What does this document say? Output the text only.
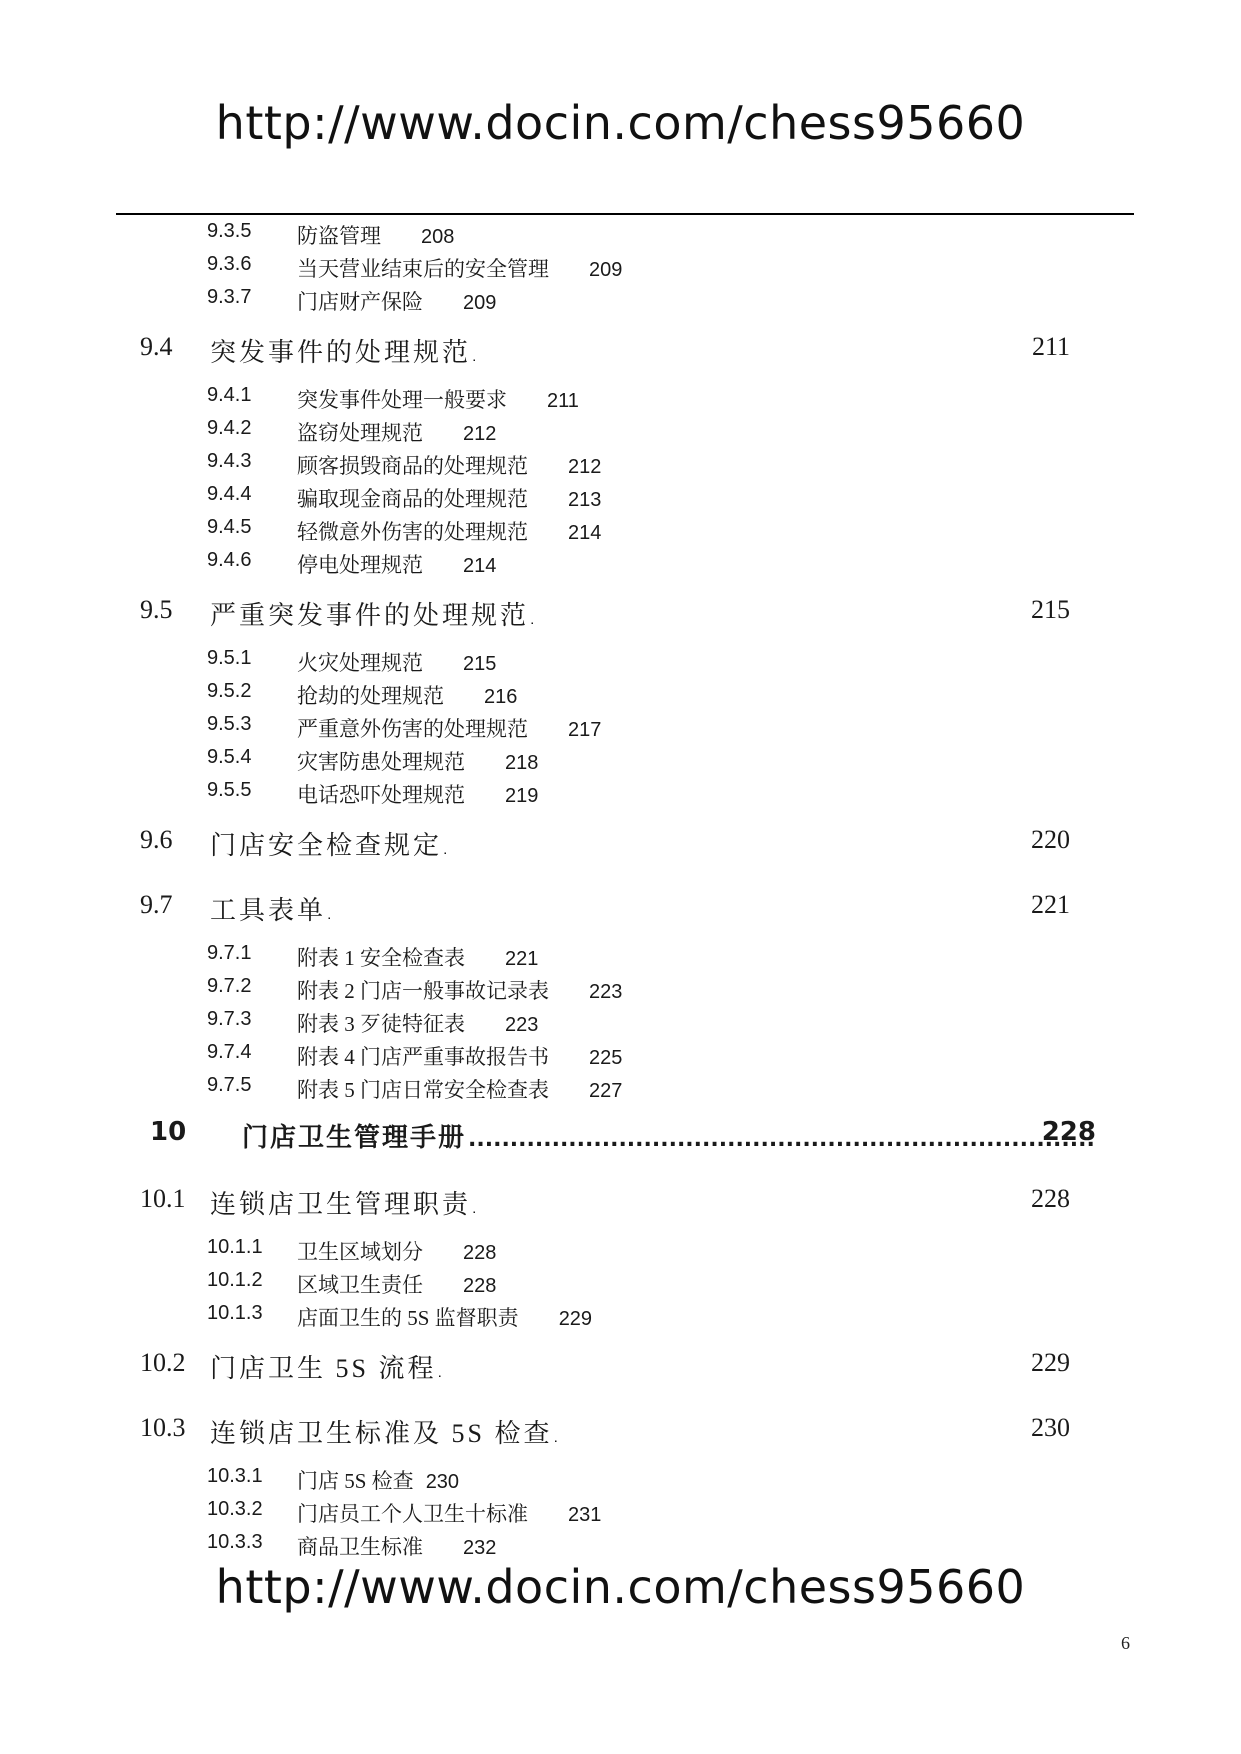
http://www.docin.com/chess95660
9.3.5 防盗管理 208
9.3.6 当天营业结束后的安全管理 209
9.3.7 门店财产保险 209
9.4 突发事件的处理规范 . . .	211
9.4.1 突发事件处理一般要求 211
9.4.2 盗窃处理规范 212
9.4.3 顾客损毁商品的处理规范 212
9.4.4 骗取现金商品的处理规范 213
9.4.5 轻微意外伤害的处理规范 214
9.4.6 停电处理规范 214
9.5 严重突发事件的处理规范 . . .	215
9.5.1 火灾处理规范 215
9.5.2 抢劫的处理规范 216
9.5.3 严重意外伤害的处理规范 217
9.5.4 灾害防患处理规范 218
9.5.5 电话恐吓处理规范 219
9.6 门店安全检查规定 . . .	220
9.7 工具表单 . . .	221
9.7.1 附表 1 安全检查表 221
9.7.2 附表 2 门店一般事故记录表 223
9.7.3 附表 3 歹徒特征表 223
9.7.4 附表 4 门店严重事故报告书 225
9.7.5 附表 5 门店日常安全检查表 227
10 门店卫生管理手册 .....	228
10.1 连锁店卫生管理职责 . . .	228
10.1.1 卫生区域划分 228
10.1.2 区域卫生责任 228
10.1.3 店面卫生的 5S 监督职责 229
10.2 门店卫生 5S 流程 . . .	229
10.3 连锁店卫生标准及 5S 检查 . . .	230
10.3.1 门店 5S 检查 230
10.3.2 门店员工个人卫生十标准 231
10.3.3 商品卫生标准 232
http://www.docin.com/chess95660
6
